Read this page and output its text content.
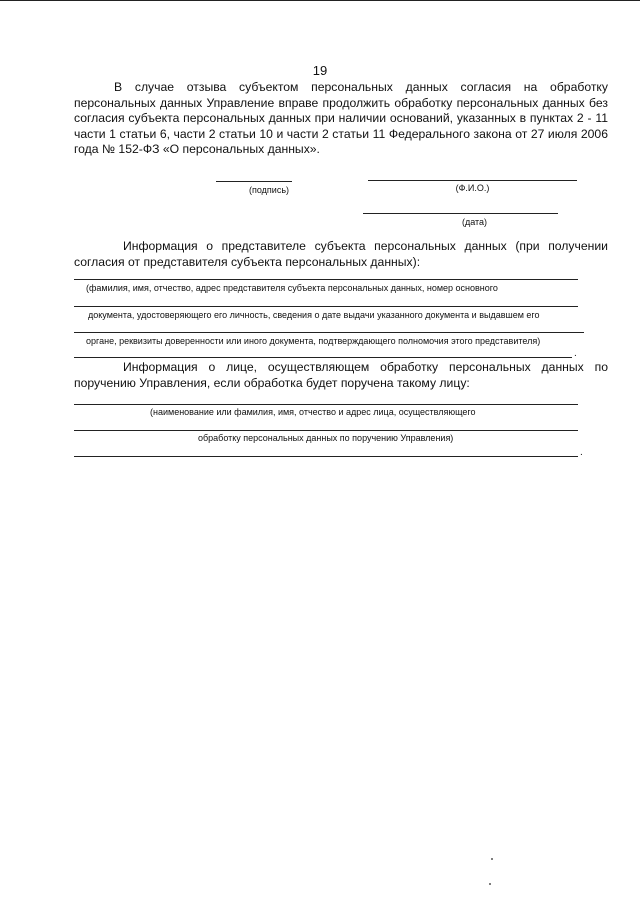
19

В случае отзыва субъектом персональных данных согласия на обработку персональных данных Управление вправе продолжить обработку персональных данных без согласия субъекта персональных данных при наличии оснований, указанных в пунктах 2 - 11 части 1 статьи 6, части 2 статьи 10 и части 2 статьи 11 Федерального закона от 27 июля 2006 года № 152-ФЗ «О персональных данных».

(подпись)	(Ф.И.О.)
(дата)

Информация о представителе субъекта персональных данных (при получении согласия от представителя субъекта персональных данных):

(фамилия, имя, отчество, адрес представителя субъекта персональных данных, номер основного
документа, удостоверяющего его личность, сведения о дате выдачи указанного документа и выдавшем его
органе, реквизиты доверенности или иного документа, подтверждающего полномочия этого представителя)
.

Информация о лице, осуществляющем обработку персональных данных по поручению Управления, если обработка будет поручена такому лицу:

(наименование или фамилия, имя, отчество и адрес лица, осуществляющего
обработку персональных данных по поручению Управления)
.
